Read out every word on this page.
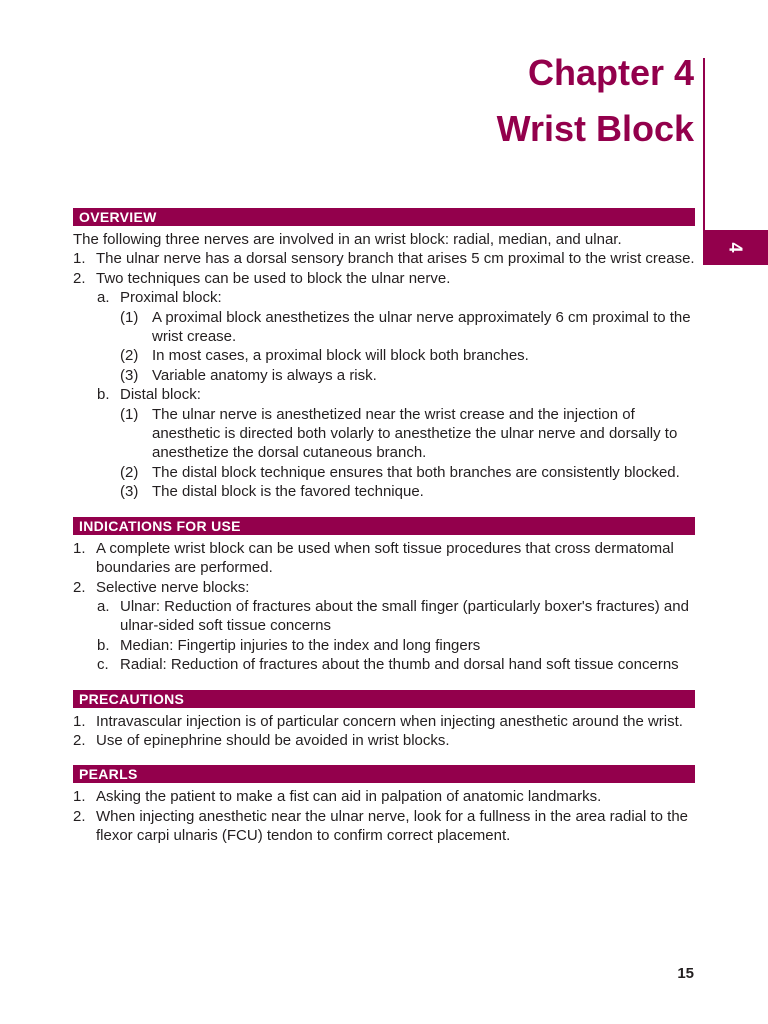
4
Chapter 4
Wrist Block
OVERVIEW

The following three nerves are involved in an wrist block: radial, median, and ulnar.

1. The ulnar nerve has a dorsal sensory branch that arises 5 cm proximal to the wrist crease.
2. Two techniques can be used to block the ulnar nerve.
a. Proximal block:
(1) A proximal block anesthetizes the ulnar nerve approximately 6 cm proximal to the wrist crease.
(2) In most cases, a proximal block will block both branches.
(3) Variable anatomy is always a risk.
b. Distal block:
(1) The ulnar nerve is anesthetized near the wrist crease and the injection of anesthetic is directed both volarly to anesthetize the ulnar nerve and dorsally to anesthetize the dorsal cutaneous branch.
(2) The distal block technique ensures that both branches are consistently blocked.
(3) The distal block is the favored technique.
INDICATIONS FOR USE
1. A complete wrist block can be used when soft tissue procedures that cross dermatomal boundaries are performed.
2. Selective nerve blocks:
a. Ulnar: Reduction of fractures about the small finger (particularly boxer's fractures) and ulnar-sided soft tissue concerns
b. Median: Fingertip injuries to the index and long fingers
c. Radial: Reduction of fractures about the thumb and dorsal hand soft tissue concerns
PRECAUTIONS
1. Intravascular injection is of particular concern when injecting anesthetic around the wrist.
2. Use of epinephrine should be avoided in wrist blocks.
PEARLS
1. Asking the patient to make a fist can aid in palpation of anatomic landmarks.
2. When injecting anesthetic near the ulnar nerve, look for a fullness in the area radial to the flexor carpi ulnaris (FCU) tendon to confirm correct placement.
15
